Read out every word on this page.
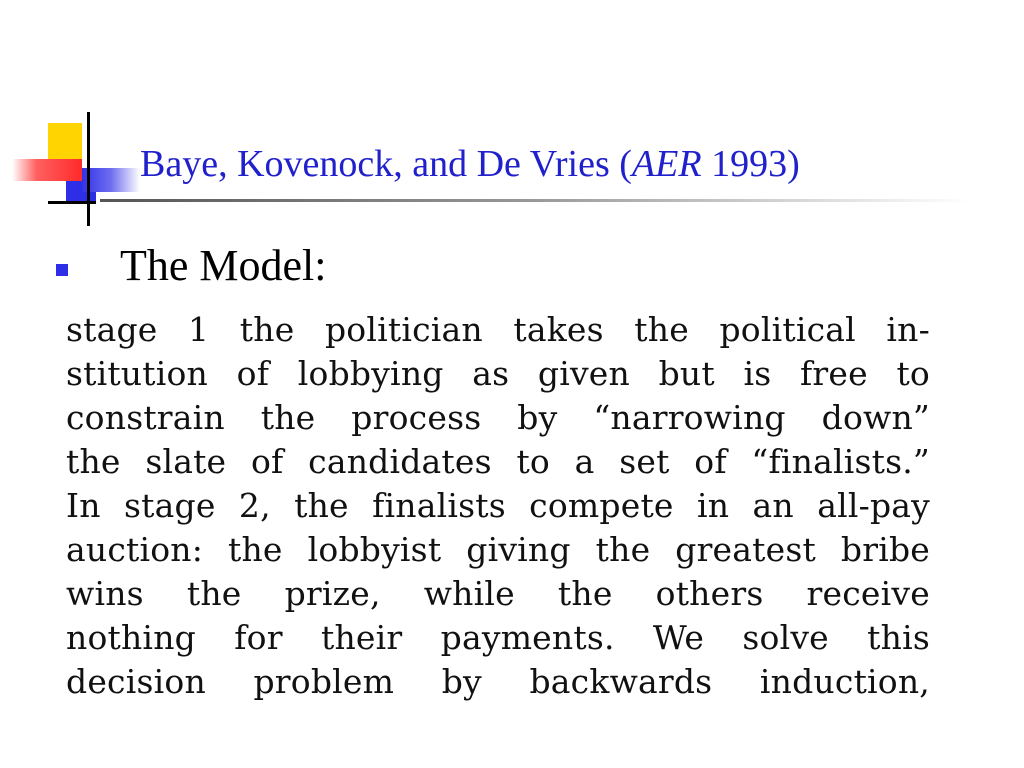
Baye, Kovenock, and De Vries (AER 1993)
The Model:
stage 1 the politician takes the political in-
stitution of lobbying as given but is free to
constrain the process by “narrowing down”
the slate of candidates to a set of “finalists.”
In stage 2, the finalists compete in an all-pay
auction: the lobbyist giving the greatest bribe
wins the prize, while the others receive
nothing for their payments. We solve this
decision problem by backwards induction,
